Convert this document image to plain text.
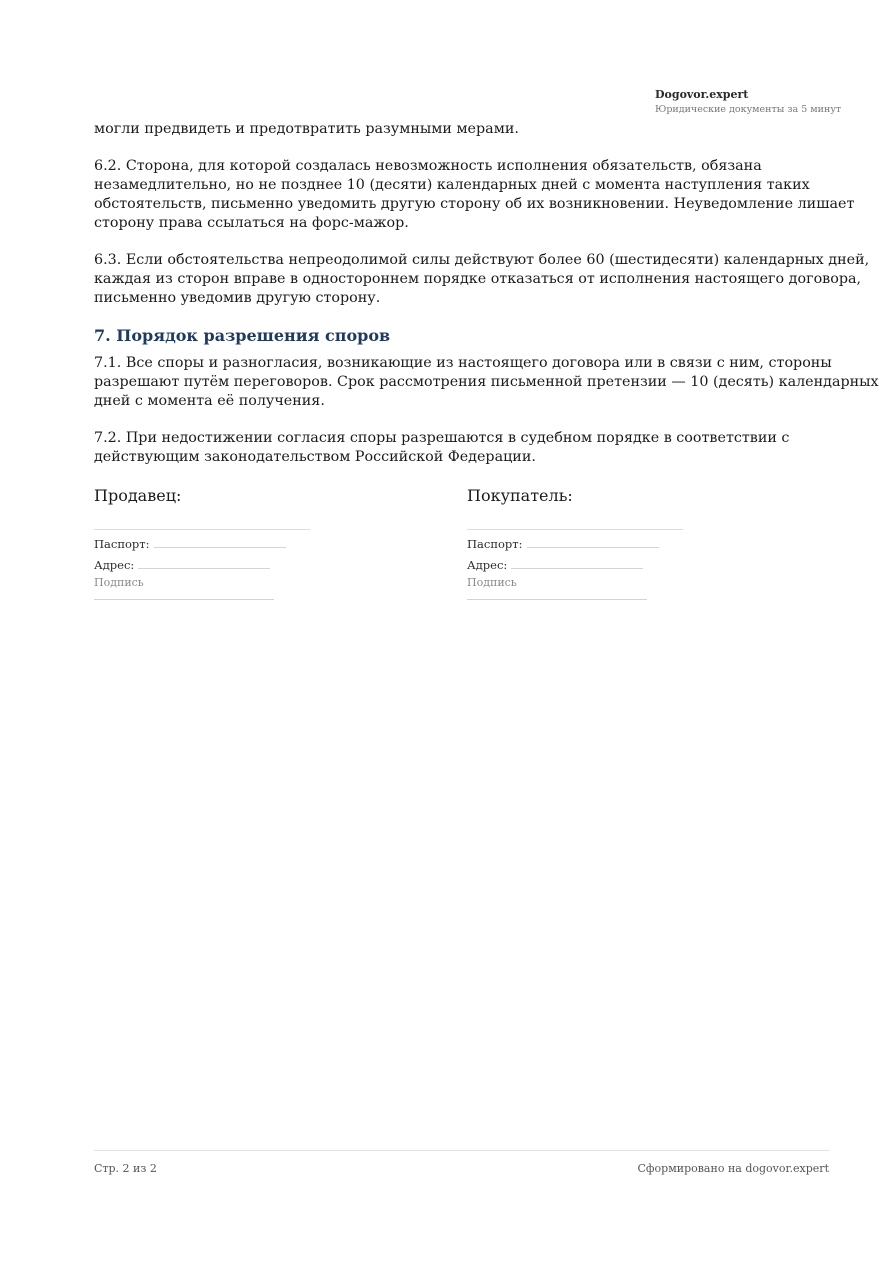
Dogovor.expert
Юридические документы за 5 минут

могли предвидеть и предотвратить разумными мерами.

6.2. Сторона, для которой создалась невозможность исполнения обязательств, обязана незамедлительно, но не позднее 10 (десяти) календарных дней с момента наступления таких обстоятельств, письменно уведомить другую сторону об их возникновении. Неуведомление лишает сторону права ссылаться на форс-мажор.

6.3. Если обстоятельства непреодолимой силы действуют более 60 (шестидесяти) календарных дней, каждая из сторон вправе в одностороннем порядке отказаться от исполнения настоящего договора, письменно уведомив другую сторону.

7. Порядок разрешения споров

7.1. Все споры и разногласия, возникающие из настоящего договора или в связи с ним, стороны разрешают путём переговоров. Срок рассмотрения письменной претензии — 10 (десять) календарных дней с момента её получения.

7.2. При недостижении согласия споры разрешаются в судебном порядке в соответствии с действующим законодательством Российской Федерации.

Продавец:
Паспорт:
Адрес:
Подпись
Покупатель:
Паспорт:
Адрес:
Подпись
Стр. 2 из 2	Сформировано на dogovor.expert
